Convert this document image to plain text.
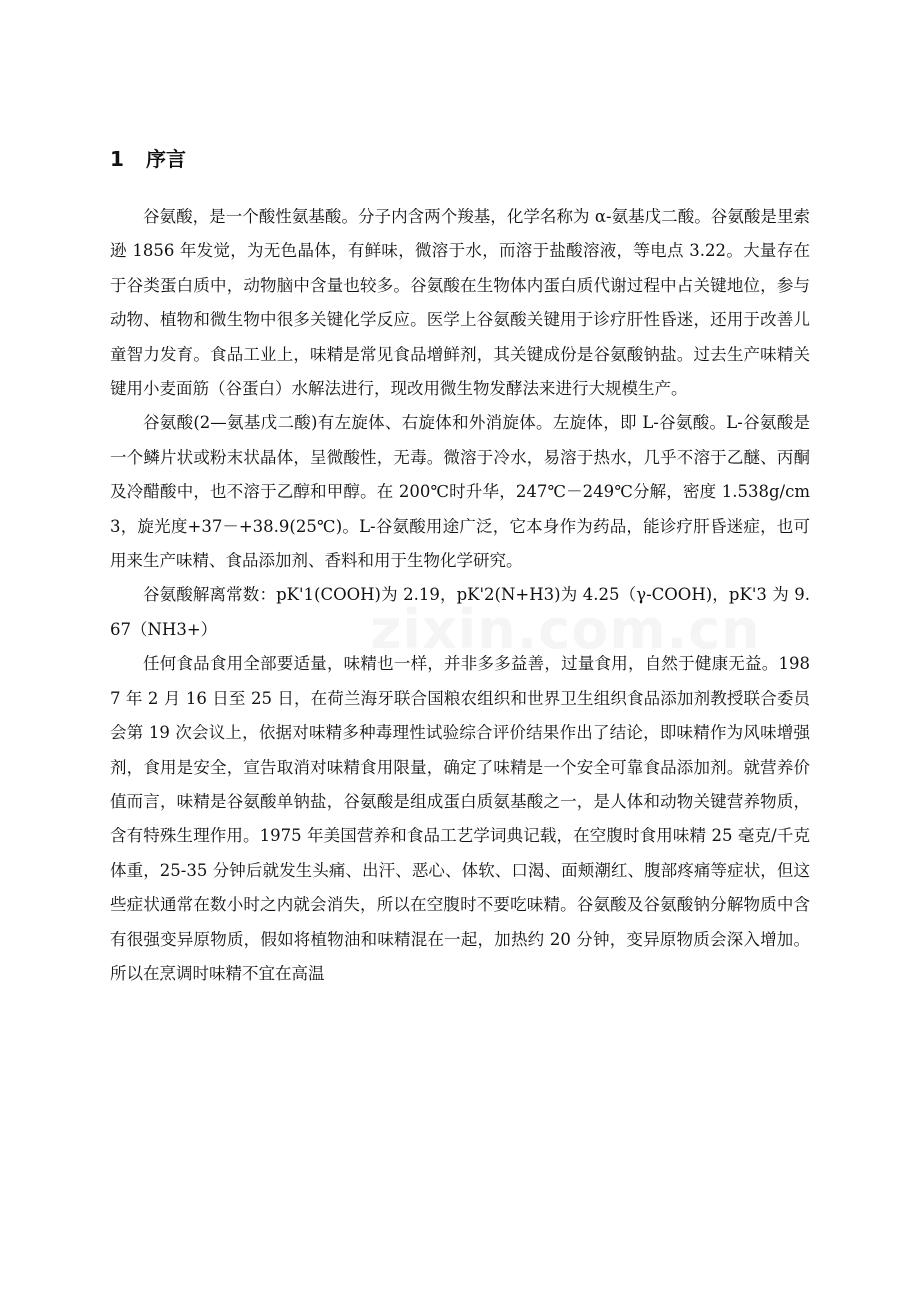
1 序言

谷氨酸，是一个酸性氨基酸。分子内含两个羧基，化学名称为 α-氨基戊二酸。谷氨酸是里索逊 1856 年发觉，为无色晶体，有鲜味，微溶于水，而溶于盐酸溶液，等电点 3.22。大量存在于谷类蛋白质中，动物脑中含量也较多。谷氨酸在生物体内蛋白质代谢过程中占关键地位，参与动物、植物和微生物中很多关键化学反应。医学上谷氨酸关键用于诊疗肝性昏迷，还用于改善儿童智力发育。食品工业上，味精是常见食品增鲜剂，其关键成份是谷氨酸钠盐。过去生产味精关键用小麦面筋（谷蛋白）水解法进行，现改用微生物发酵法来进行大规模生产。

谷氨酸(2—氨基戊二酸)有左旋体、右旋体和外消旋体。左旋体，即 L-谷氨酸。L-谷氨酸是一个鳞片状或粉末状晶体，呈微酸性，无毒。微溶于冷水，易溶于热水，几乎不溶于乙醚、丙酮及冷醋酸中，也不溶于乙醇和甲醇。在 200℃时升华，247℃－249℃分解，密度 1.538g/cm3，旋光度+37－+38.9(25℃)。L-谷氨酸用途广泛，它本身作为药品，能诊疗肝昏迷症，也可用来生产味精、食品添加剂、香料和用于生物化学研究。

谷氨酸解离常数：pK'1(COOH)为 2.19，pK'2(N+H3)为 4.25（γ-COOH)，pK'3 为 9.67（NH3+）

任何食品食用全部要适量，味精也一样，并非多多益善，过量食用，自然于健康无益。1987 年 2 月 16 日至 25 日，在荷兰海牙联合国粮农组织和世界卫生组织食品添加剂教授联合委员会第 19 次会议上，依据对味精多种毒理性试验综合评价结果作出了结论，即味精作为风味增强剂，食用是安全，宣告取消对味精食用限量，确定了味精是一个安全可靠食品添加剂。就营养价值而言，味精是谷氨酸单钠盐，谷氨酸是组成蛋白质氨基酸之一，是人体和动物关键营养物质，含有特殊生理作用。1975 年美国营养和食品工艺学词典记载，在空腹时食用味精 25 毫克/千克体重，25-35 分钟后就发生头痛、出汗、恶心、体软、口渴、面颊潮红、腹部疼痛等症状，但这些症状通常在数小时之内就会消失，所以在空腹时不要吃味精。谷氨酸及谷氨酸钠分解物质中含有很强变异原物质，假如将植物油和味精混在一起，加热约 20 分钟，变异原物质会深入增加。所以在烹调时味精不宜在高温

zixin.com.cn
